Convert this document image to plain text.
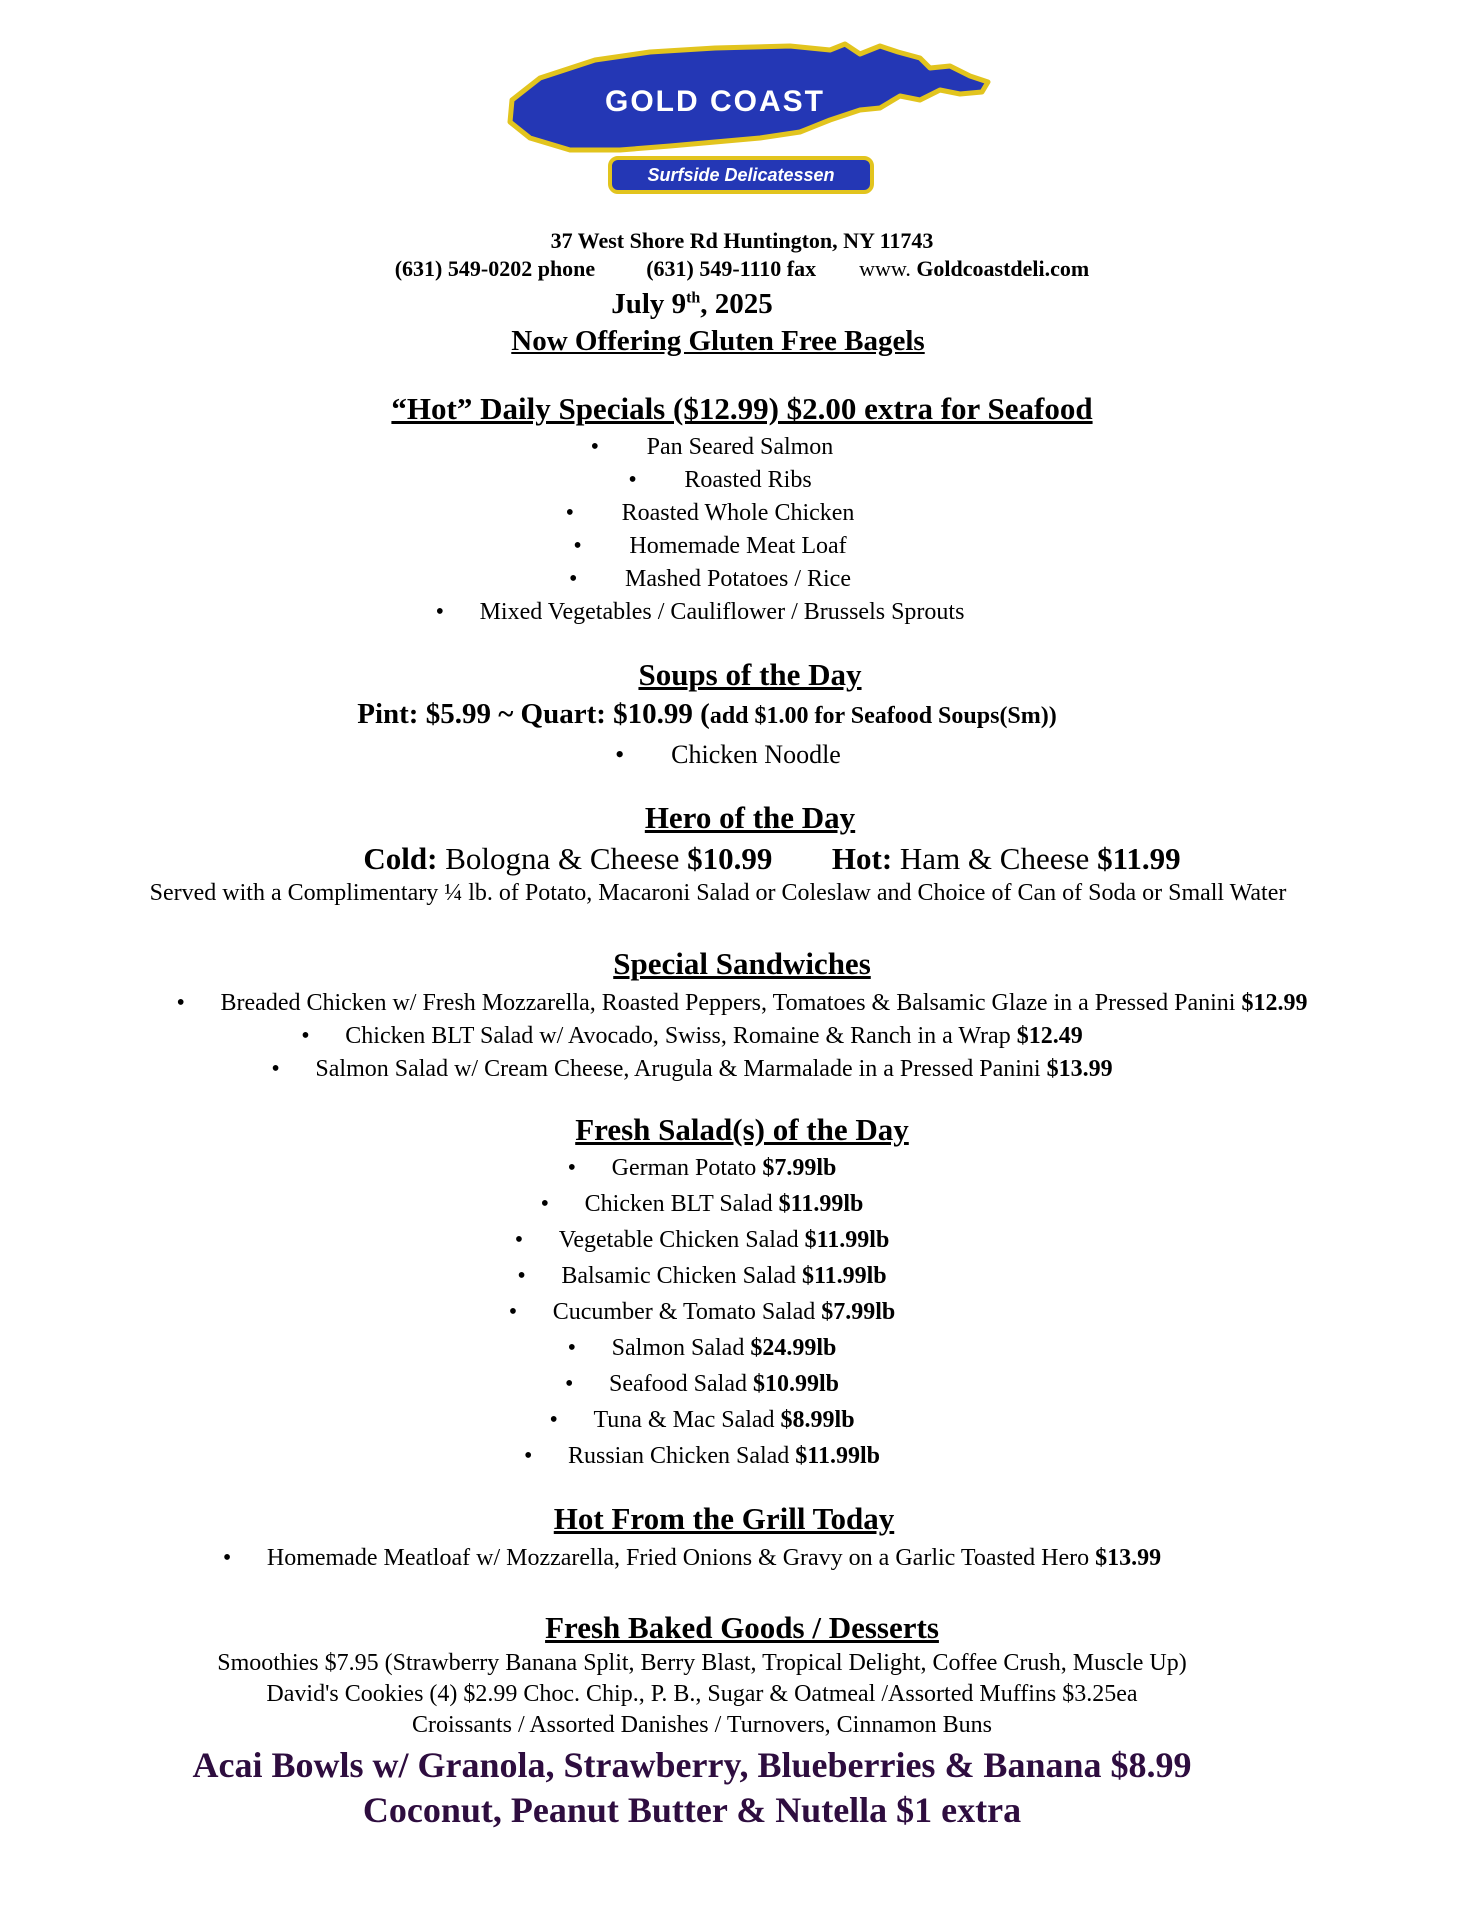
GOLD COAST
Surfside Delicatessen
37 West Shore Rd Huntington, NY 11743
(631) 549-0202 phone (631) 549-1110 fax www. Goldcoastdeli.com
July 9th, 2025
Now Offering Gluten Free Bagels
“Hot” Daily Specials ($12.99) $2.00 extra for Seafood
• Pan Seared Salmon
• Roasted Ribs
• Roasted Whole Chicken
• Homemade Meat Loaf
• Mashed Potatoes / Rice
• Mixed Vegetables / Cauliflower / Brussels Sprouts
Soups of the Day
Pint: $5.99 ~ Quart: $10.99 (add $1.00 for Seafood Soups(Sm))
• Chicken Noodle
Hero of the Day
Cold: Bologna & Cheese $10.99 Hot: Ham & Cheese $11.99
Served with a Complimentary ¼ lb. of Potato, Macaroni Salad or Coleslaw and Choice of Can of Soda or Small Water
Special Sandwiches
• Breaded Chicken w/ Fresh Mozzarella, Roasted Peppers, Tomatoes & Balsamic Glaze in a Pressed Panini $12.99
• Chicken BLT Salad w/ Avocado, Swiss, Romaine & Ranch in a Wrap $12.49
• Salmon Salad w/ Cream Cheese, Arugula & Marmalade in a Pressed Panini $13.99
Fresh Salad(s) of the Day
• German Potato $7.99lb
• Chicken BLT Salad $11.99lb
• Vegetable Chicken Salad $11.99lb
• Balsamic Chicken Salad $11.99lb
• Cucumber & Tomato Salad $7.99lb
• Salmon Salad $24.99lb
• Seafood Salad $10.99lb
• Tuna & Mac Salad $8.99lb
• Russian Chicken Salad $11.99lb
Hot From the Grill Today
• Homemade Meatloaf w/ Mozzarella, Fried Onions & Gravy on a Garlic Toasted Hero $13.99
Fresh Baked Goods / Desserts
Smoothies $7.95 (Strawberry Banana Split, Berry Blast, Tropical Delight, Coffee Crush, Muscle Up)
David's Cookies (4) $2.99 Choc. Chip., P. B., Sugar & Oatmeal /Assorted Muffins $3.25ea
Croissants / Assorted Danishes / Turnovers, Cinnamon Buns
Acai Bowls w/ Granola, Strawberry, Blueberries & Banana $8.99
Coconut, Peanut Butter & Nutella $1 extra
